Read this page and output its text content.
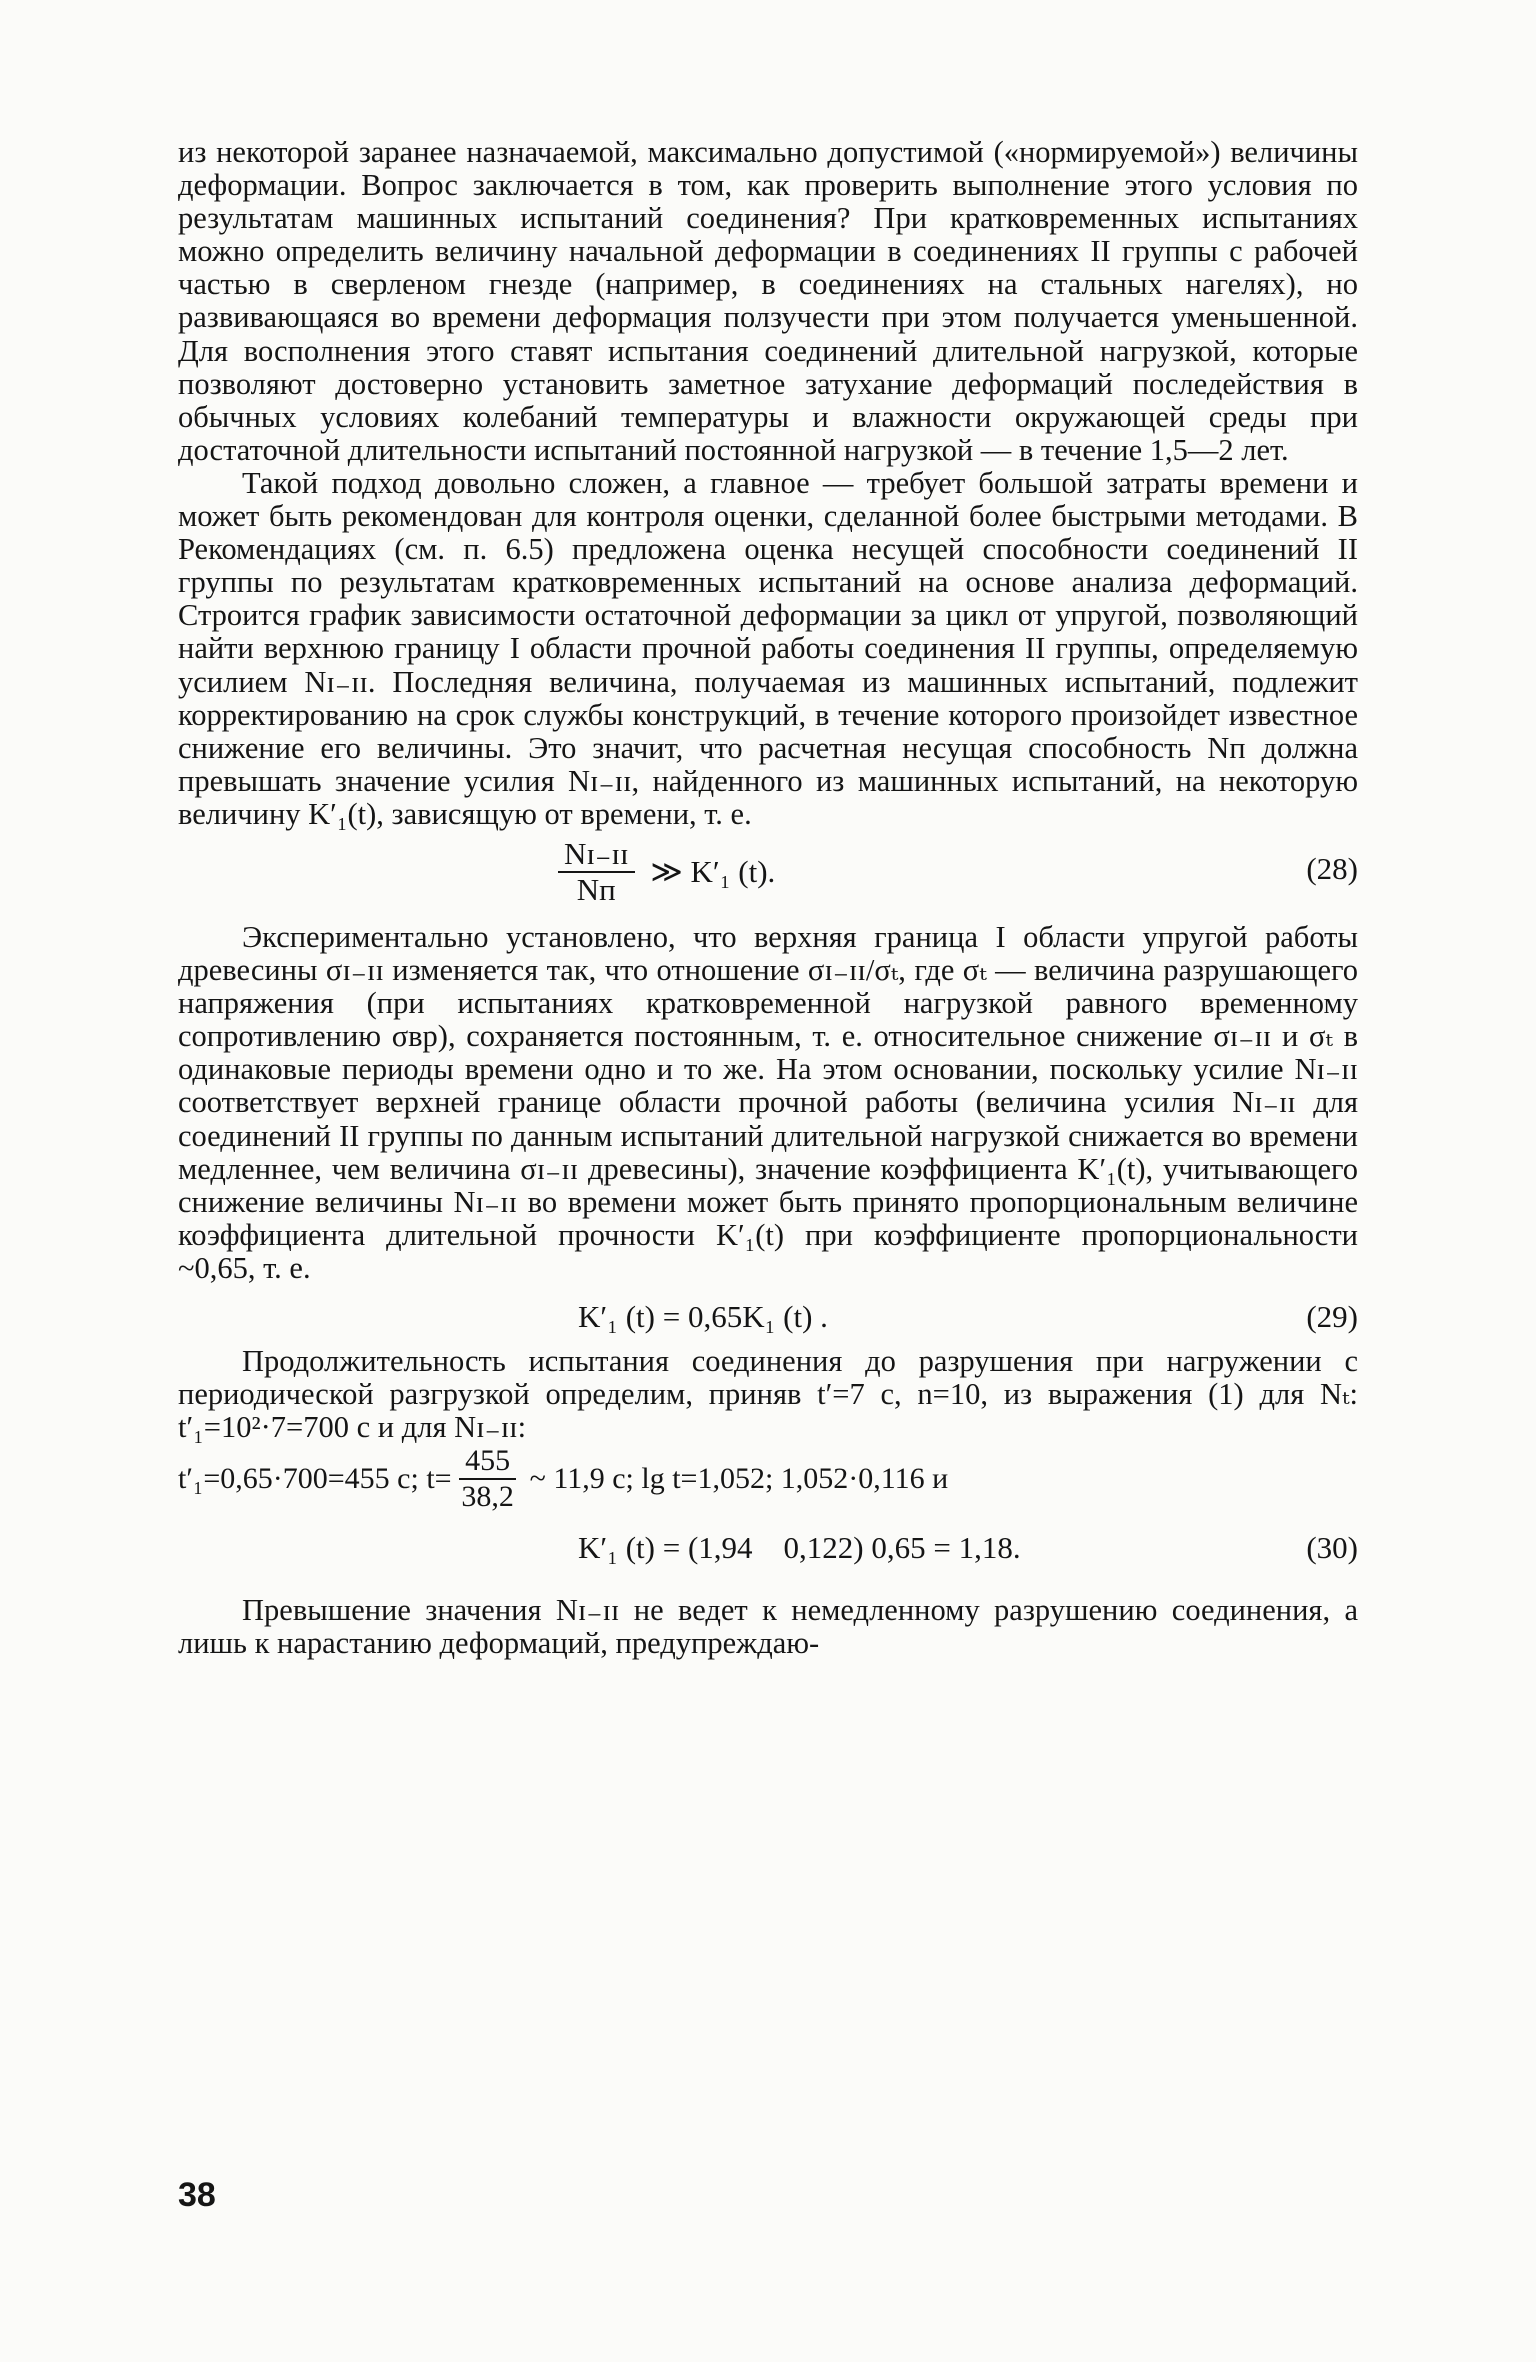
из некоторой заранее назначаемой, максимально допустимой («нормируемой») величины деформации. Вопрос заключается в том, как проверить выполнение этого условия по результатам машинных испытаний соединения? При кратковременных испытаниях можно определить величину начальной деформации в соединениях II группы с рабочей частью в сверленом гнезде (например, в соединениях на стальных нагелях), но развивающаяся во времени деформация ползучести при этом получается уменьшенной. Для восполнения этого ставят испытания соединений длительной нагрузкой, которые позволяют достоверно установить заметное затухание деформаций последействия в обычных условиях колебаний температуры и влажности окружающей среды при достаточной длительности испытаний постоянной нагрузкой — в течение 1,5—2 лет.

Такой подход довольно сложен, а главное — требует большой затраты времени и может быть рекомендован для контроля оценки, сделанной более быстрыми методами. В Рекомендациях (см. п. 6.5) предложена оценка несущей способности соединений II группы по результатам кратковременных испытаний на основе анализа деформаций. Строится график зависимости остаточной деформации за цикл от упругой, позволяющий найти верхнюю границу I области прочной работы соединения II группы, определяемую усилием Nɪ₋ɪɪ. Последняя величина, получаемая из машинных испытаний, подлежит корректированию на срок службы конструкций, в течение которого произойдет известное снижение его величины. Это значит, что расчетная несущая способность Nп должна превышать значение усилия Nɪ₋ɪɪ, найденного из машинных испытаний, на некоторую величину K′₁(t), зависящую от времени, т. е.

$\frac{\text{Nɪ₋ɪɪ}}{Nп}$ ≫ K′₁ (t).	(28)

Экспериментально установлено, что верхняя граница I области упругой работы древесины σɪ₋ɪɪ изменяется так, что отношение σɪ₋ɪɪ/σₜ, где σₜ — величина разрушающего напряжения (при испытаниях кратковременной нагрузкой равного временному сопротивлению σвр), сохраняется постоянным, т. е. относительное снижение σɪ₋ɪɪ и σₜ в одинаковые периоды времени одно и то же. На этом основании, поскольку усилие Nɪ₋ɪɪ соответствует верхней границе области прочной работы (величина усилия Nɪ₋ɪɪ для соединений II группы по данным испытаний длительной нагрузкой снижается во времени медленнее, чем величина σɪ₋ɪɪ древесины), значение коэффициента K′₁(t), учитывающего снижение величины Nɪ₋ɪɪ во времени может быть принято пропорциональным величине коэффициента длительной прочности K′₁(t) при коэффициенте пропорциональности ~0,65, т. е.

K′₁ (t) = 0,65K₁ (t) .	(29)

Продолжительность испытания соединения до разрушения при нагружении с периодической разгрузкой определим, приняв t′=7 с, n=10, из выражения (1) для Nₜ: t′₁=10²·7=700 с и для Nɪ₋ɪɪ:

t′₁=0,65·700=455 с; $t= \frac{455}{38,2}$ ~ 11,9 с; lg t=1,052; 1,052·0,116 и
K′₁ (t) = (1,94    0,122) 0,65 = 1,18.	(30)

Превышение значения Nɪ₋ɪɪ не ведет к немедленному разрушению соединения, а лишь к нарастанию деформаций, предупреждаю-

38
